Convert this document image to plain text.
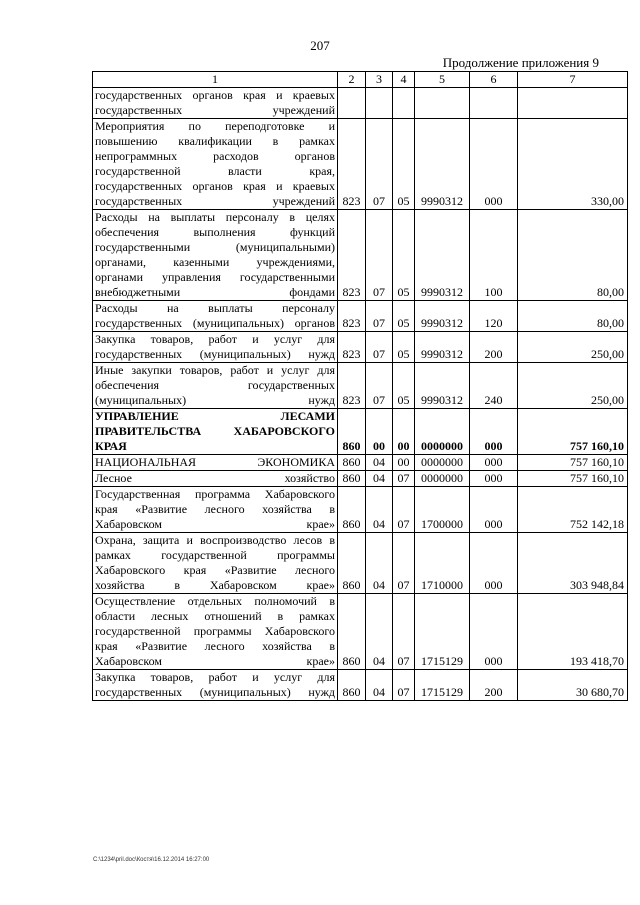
207
Продолжение приложения 9
1	2	3	4	5	6	7
государственных органов края и краевых государственных учреждений						
Мероприятия по переподготовке и повышению квалификации в рамках непрограммных расходов органов государственной власти края, государственных органов края и краевых государственных учреждений	823	07	05	9990312	000	330,00
Расходы на выплаты персоналу в целях обеспечения выполнения функций государственными (муниципальными) органами, казенными учреждениями, органами управления государственными внебюджетными фондами	823	07	05	9990312	100	80,00
Расходы на выплаты персоналу государственных (муниципальных) органов	823	07	05	9990312	120	80,00
Закупка товаров, работ и услуг для государственных (муниципальных) нужд	823	07	05	9990312	200	250,00
Иные закупки товаров, работ и услуг для обеспечения государственных (муниципальных) нужд	823	07	05	9990312	240	250,00
УПРАВЛЕНИЕ ЛЕСАМИ ПРАВИТЕЛЬСТВА ХАБАРОВСКОГО КРАЯ	860	00	00	0000000	000	757 160,10
НАЦИОНАЛЬНАЯ ЭКОНОМИКА	860	04	00	0000000	000	757 160,10
Лесное хозяйство	860	04	07	0000000	000	757 160,10
Государственная программа Хабаровского края «Развитие лесного хозяйства в Хабаровском крае»	860	04	07	1700000	000	752 142,18
Охрана, защита и воспроизводство лесов в рамках государственной программы Хабаровского края «Развитие лесного хозяйства в Хабаровском крае»	860	04	07	1710000	000	303 948,84
Осуществление отдельных полномочий в области лесных отношений в рамках государственной программы Хабаровского края «Развитие лесного хозяйства в Хабаровском крае»	860	04	07	1715129	000	193 418,70
Закупка товаров, работ и услуг для государственных (муниципальных) нужд	860	04	07	1715129	200	30 680,70
C:\1234\pril.doc\Костя\16.12.2014 16:27:00
